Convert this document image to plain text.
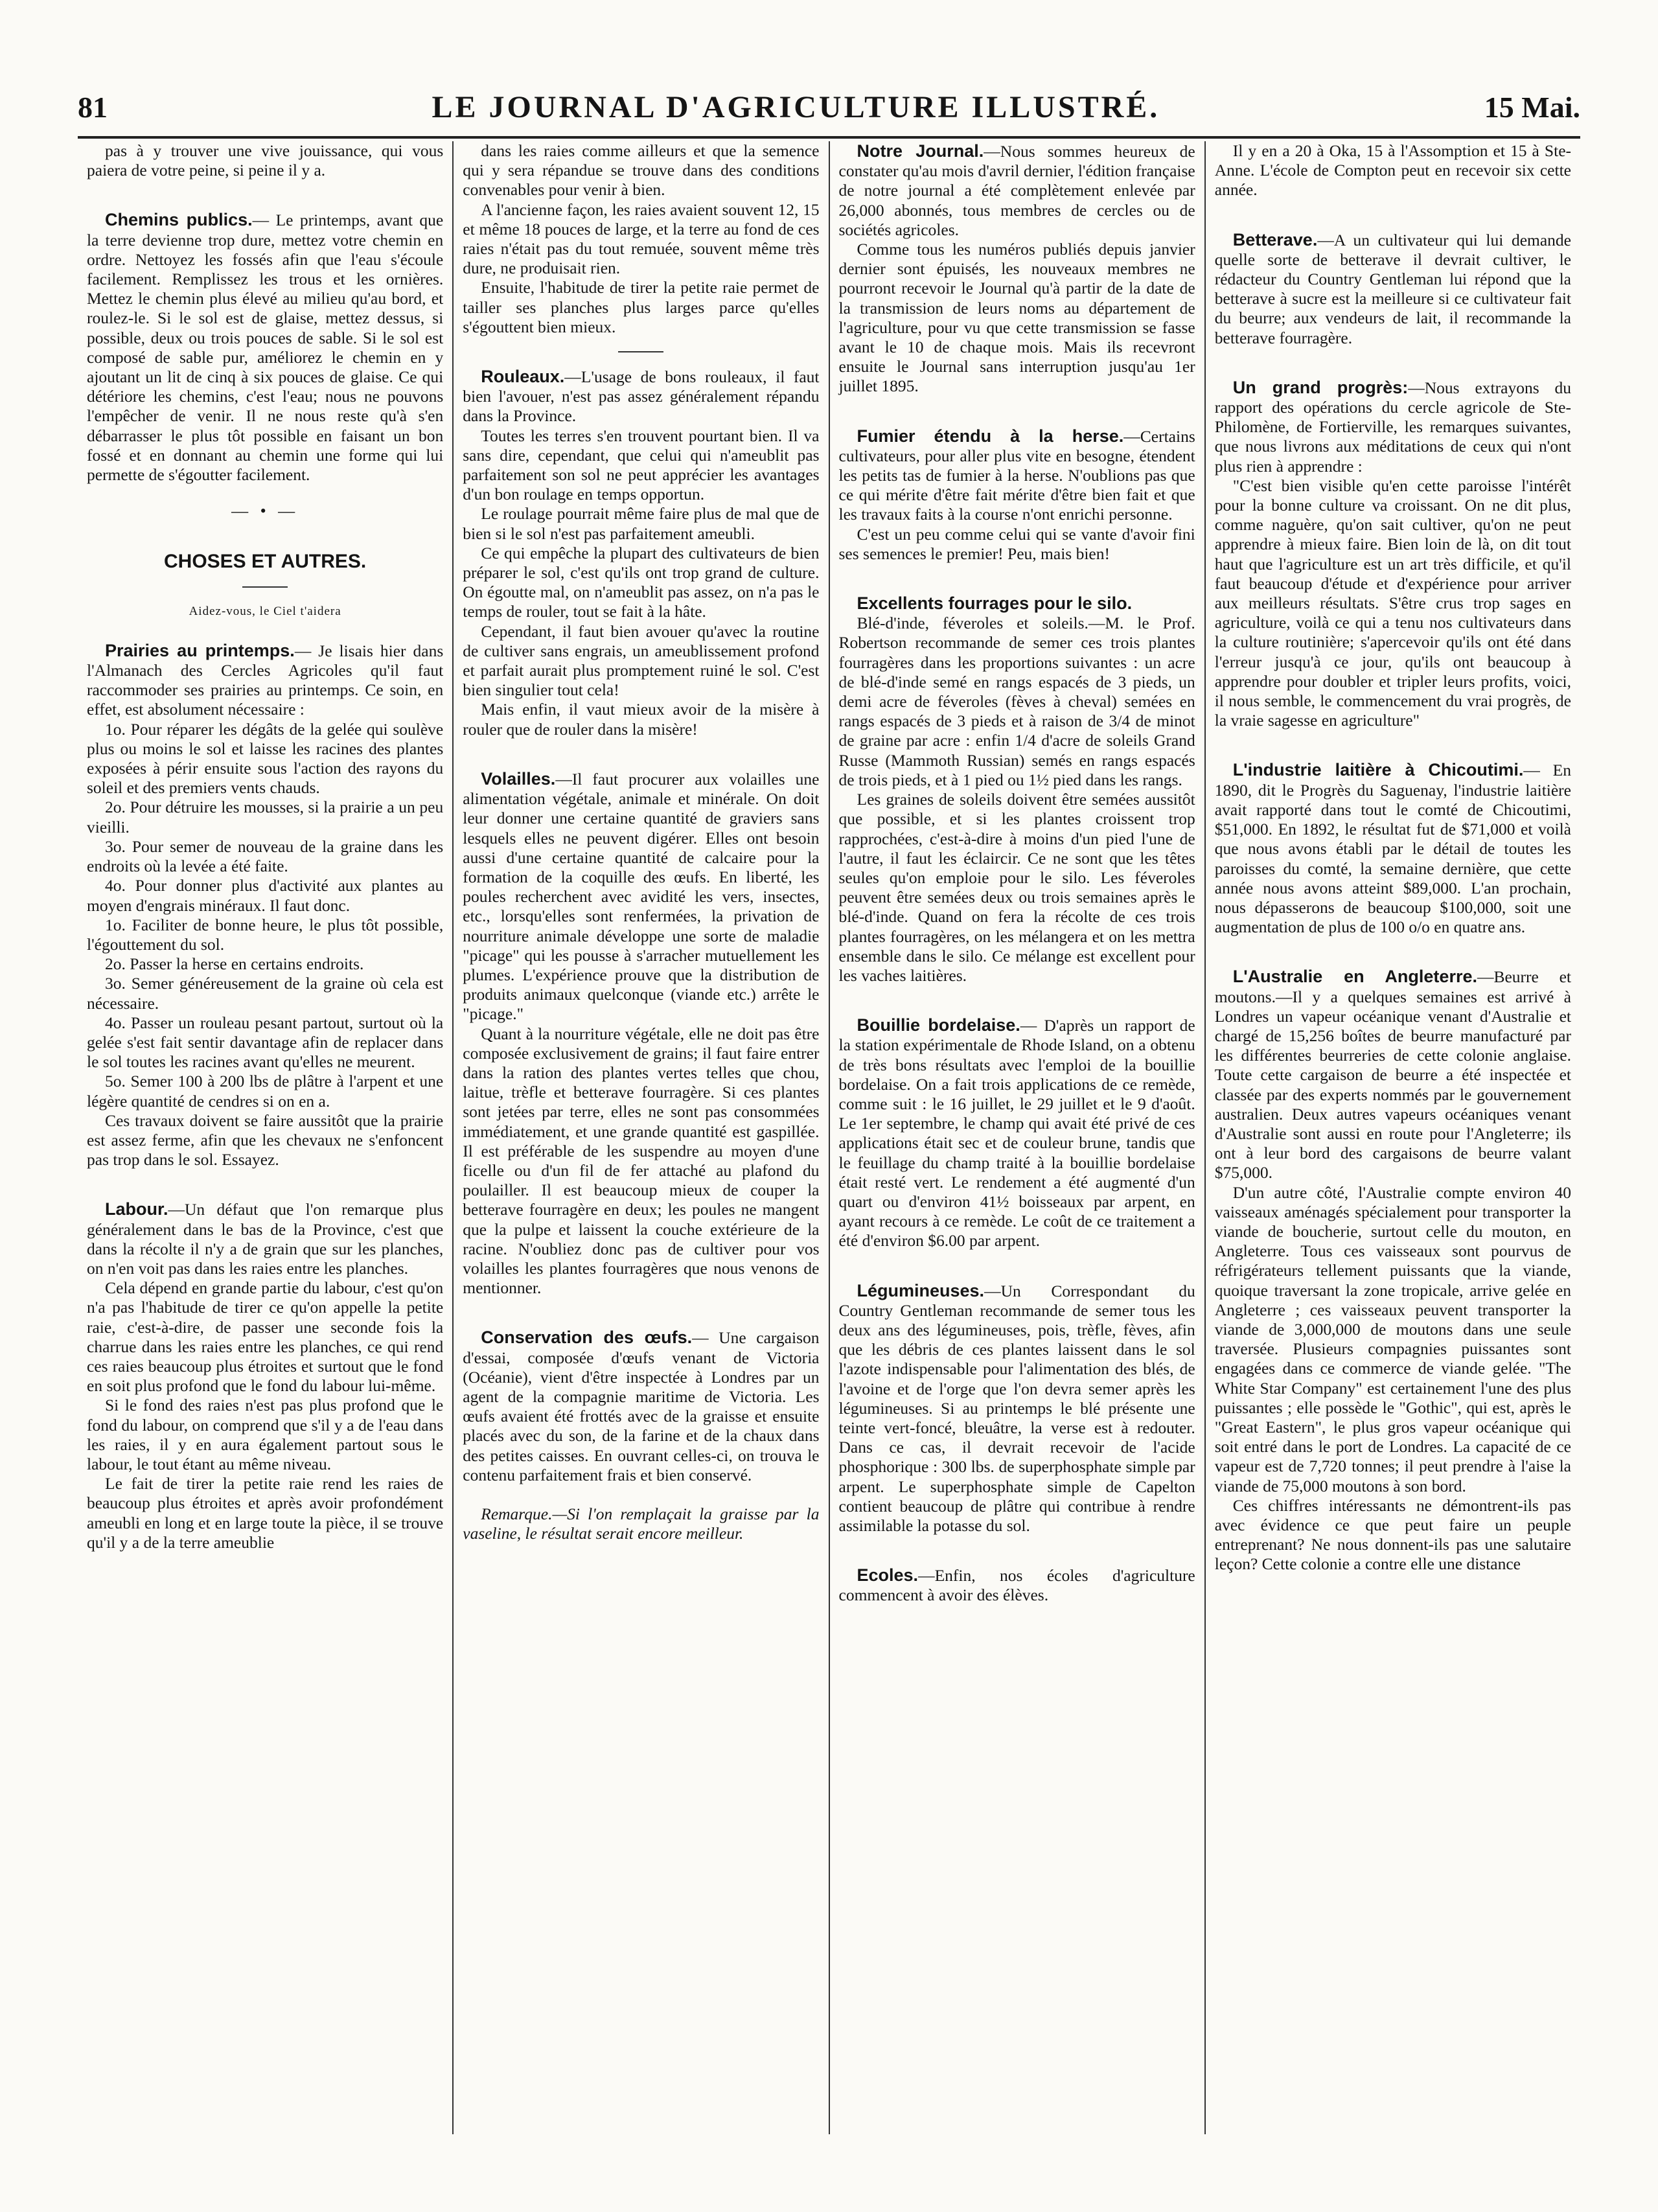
81	LE JOURNAL D'AGRICULTURE ILLUSTRÉ.	15 Mai.

pas à y trouver une vive jouissance, qui vous paiera de votre peine, si peine il y a.

Chemins publics.— Le printemps, avant que la terre devienne trop dure, mettez votre chemin en ordre. Nettoyez les fossés afin que l'eau s'écoule facilement. Remplissez les trous et les ornières. Mettez le chemin plus élevé au milieu qu'au bord, et roulez-le. Si le sol est de glaise, mettez dessus, si possible, deux ou trois pouces de sable. Si le sol est composé de sable pur, améliorez le chemin en y ajoutant un lit de cinq à six pouces de glaise. Ce qui détériore les chemins, c'est l'eau; nous ne pouvons l'empêcher de venir. Il ne nous reste qu'à s'en débarrasser le plus tôt possible en faisant un bon fossé et en donnant au chemin une forme qui lui permette de s'égoutter facilement.

— • —
CHOSES ET AUTRES.
Aidez-vous, le Ciel t'aidera

Prairies au printemps.— Je lisais hier dans l'Almanach des Cercles Agricoles qu'il faut raccommoder ses prairies au printemps. Ce soin, en effet, est absolument nécessaire :

1o. Pour réparer les dégâts de la gelée qui soulève plus ou moins le sol et laisse les racines des plantes exposées à périr ensuite sous l'action des rayons du soleil et des premiers vents chauds.

2o. Pour détruire les mousses, si la prairie a un peu vieilli.

3o. Pour semer de nouveau de la graine dans les endroits où la levée a été faite.

4o. Pour donner plus d'activité aux plantes au moyen d'engrais minéraux. Il faut donc.

1o. Faciliter de bonne heure, le plus tôt possible, l'égouttement du sol.

2o. Passer la herse en certains endroits.

3o. Semer généreusement de la graine où cela est nécessaire.

4o. Passer un rouleau pesant partout, surtout où la gelée s'est fait sentir davantage afin de replacer dans le sol toutes les racines avant qu'elles ne meurent.

5o. Semer 100 à 200 lbs de plâtre à l'arpent et une légère quantité de cendres si on en a.

Ces travaux doivent se faire aussitôt que la prairie est assez ferme, afin que les chevaux ne s'enfoncent pas trop dans le sol. Essayez.

Labour.—Un défaut que l'on remarque plus généralement dans le bas de la Province, c'est que dans la récolte il n'y a de grain que sur les planches, on n'en voit pas dans les raies entre les planches.

Cela dépend en grande partie du labour, c'est qu'on n'a pas l'habitude de tirer ce qu'on appelle la petite raie, c'est-à-dire, de passer une seconde fois la charrue dans les raies entre les planches, ce qui rend ces raies beaucoup plus étroites et surtout que le fond en soit plus profond que le fond du labour lui-même.

Si le fond des raies n'est pas plus profond que le fond du labour, on comprend que s'il y a de l'eau dans les raies, il y en aura également partout sous le labour, le tout étant au même niveau.

Le fait de tirer la petite raie rend les raies de beaucoup plus étroites et après avoir profondément ameubli en long et en large toute la pièce, il se trouve qu'il y a de la terre ameublie

dans les raies comme ailleurs et que la semence qui y sera répandue se trouve dans des conditions convenables pour venir à bien.

A l'ancienne façon, les raies avaient souvent 12, 15 et même 18 pouces de large, et la terre au fond de ces raies n'était pas du tout remuée, souvent même très dure, ne produisait rien.

Ensuite, l'habitude de tirer la petite raie permet de tailler ses planches plus larges parce qu'elles s'égouttent bien mieux.

Rouleaux.—L'usage de bons rouleaux, il faut bien l'avouer, n'est pas assez généralement répandu dans la Province.

Toutes les terres s'en trouvent pourtant bien. Il va sans dire, cependant, que celui qui n'ameublit pas parfaitement son sol ne peut apprécier les avantages d'un bon roulage en temps opportun.

Le roulage pourrait même faire plus de mal que de bien si le sol n'est pas parfaitement ameubli.

Ce qui empêche la plupart des cultivateurs de bien préparer le sol, c'est qu'ils ont trop grand de culture. On égoutte mal, on n'ameublit pas assez, on n'a pas le temps de rouler, tout se fait à la hâte.

Cependant, il faut bien avouer qu'avec la routine de cultiver sans engrais, un ameublissement profond et parfait aurait plus promptement ruiné le sol. C'est bien singulier tout cela!

Mais enfin, il vaut mieux avoir de la misère à rouler que de rouler dans la misère!

Volailles.—Il faut procurer aux volailles une alimentation végétale, animale et minérale. On doit leur donner une certaine quantité de graviers sans lesquels elles ne peuvent digérer. Elles ont besoin aussi d'une certaine quantité de calcaire pour la formation de la coquille des œufs. En liberté, les poules recherchent avec avidité les vers, insectes, etc., lorsqu'elles sont renfermées, la privation de nourriture animale développe une sorte de maladie "picage" qui les pousse à s'arracher mutuellement les plumes. L'expérience prouve que la distribution de produits animaux quelconque (viande etc.) arrête le "picage."

Quant à la nourriture végétale, elle ne doit pas être composée exclusivement de grains; il faut faire entrer dans la ration des plantes vertes telles que chou, laitue, trèfle et betterave fourragère. Si ces plantes sont jetées par terre, elles ne sont pas consommées immédiatement, et une grande quantité est gaspillée. Il est préférable de les suspendre au moyen d'une ficelle ou d'un fil de fer attaché au plafond du poulailler. Il est beaucoup mieux de couper la betterave fourragère en deux; les poules ne mangent que la pulpe et laissent la couche extérieure de la racine. N'oubliez donc pas de cultiver pour vos volailles les plantes fourragères que nous venons de mentionner.

Conservation des œufs.— Une cargaison d'essai, composée d'œufs venant de Victoria (Océanie), vient d'être inspectée à Londres par un agent de la compagnie maritime de Victoria. Les œufs avaient été frottés avec de la graisse et ensuite placés avec du son, de la farine et de la chaux dans des petites caisses. En ouvrant celles-ci, on trouva le contenu parfaitement frais et bien conservé.

Remarque.—Si l'on remplaçait la graisse par la vaseline, le résultat serait encore meilleur.

Notre Journal.—Nous sommes heureux de constater qu'au mois d'avril dernier, l'édition française de notre journal a été complètement enlevée par 26,000 abonnés, tous membres de cercles ou de sociétés agricoles.

Comme tous les numéros publiés depuis janvier dernier sont épuisés, les nouveaux membres ne pourront recevoir le Journal qu'à partir de la date de la transmission de leurs noms au département de l'agriculture, pour vu que cette transmission se fasse avant le 10 de chaque mois. Mais ils recevront ensuite le Journal sans interruption jusqu'au 1er juillet 1895.

Fumier étendu à la herse.—Certains cultivateurs, pour aller plus vite en besogne, étendent les petits tas de fumier à la herse. N'oublions pas que ce qui mérite d'être fait mérite d'être bien fait et que les travaux faits à la course n'ont enrichi personne.

C'est un peu comme celui qui se vante d'avoir fini ses semences le premier! Peu, mais bien!

Excellents fourrages pour le silo.

Blé-d'inde, féveroles et soleils.—M. le Prof. Robertson recommande de semer ces trois plantes fourragères dans les proportions suivantes : un acre de blé-d'inde semé en rangs espacés de 3 pieds, un demi acre de féveroles (fèves à cheval) semées en rangs espacés de 3 pieds et à raison de 3/4 de minot de graine par acre : enfin 1/4 d'acre de soleils Grand Russe (Mammoth Russian) semés en rangs espacés de trois pieds, et à 1 pied ou 1½ pied dans les rangs.

Les graines de soleils doivent être semées aussitôt que possible, et si les plantes croissent trop rapprochées, c'est-à-dire à moins d'un pied l'une de l'autre, il faut les éclaircir. Ce ne sont que les têtes seules qu'on emploie pour le silo. Les féveroles peuvent être semées deux ou trois semaines après le blé-d'inde. Quand on fera la récolte de ces trois plantes fourragères, on les mélangera et on les mettra ensemble dans le silo. Ce mélange est excellent pour les vaches laitières.

Bouillie bordelaise.— D'après un rapport de la station expérimentale de Rhode Island, on a obtenu de très bons résultats avec l'emploi de la bouillie bordelaise. On a fait trois applications de ce remède, comme suit : le 16 juillet, le 29 juillet et le 9 d'août. Le 1er septembre, le champ qui avait été privé de ces applications était sec et de couleur brune, tandis que le feuillage du champ traité à la bouillie bordelaise était resté vert. Le rendement a été augmenté d'un quart ou d'environ 41½ boisseaux par arpent, en ayant recours à ce remède. Le coût de ce traitement a été d'environ $6.00 par arpent.

Légumineuses.—Un Correspondant du Country Gentleman recommande de semer tous les deux ans des légumineuses, pois, trèfle, fèves, afin que les débris de ces plantes laissent dans le sol l'azote indispensable pour l'alimentation des blés, de l'avoine et de l'orge que l'on devra semer après les légumineuses. Si au printemps le blé présente une teinte vert-foncé, bleuâtre, la verse est à redouter. Dans ce cas, il devrait recevoir de l'acide phosphorique : 300 lbs. de superphosphate simple par arpent. Le superphosphate simple de Capelton contient beaucoup de plâtre qui contribue à rendre assimilable la potasse du sol.

Ecoles.—Enfin, nos écoles d'agriculture commencent à avoir des élèves.

Il y en a 20 à Oka, 15 à l'Assomption et 15 à Ste-Anne. L'école de Compton peut en recevoir six cette année.

Betterave.—A un cultivateur qui lui demande quelle sorte de betterave il devrait cultiver, le rédacteur du Country Gentleman lui répond que la betterave à sucre est la meilleure si ce cultivateur fait du beurre; aux vendeurs de lait, il recommande la betterave fourragère.

Un grand progrès:—Nous extrayons du rapport des opérations du cercle agricole de Ste-Philomène, de Fortierville, les remarques suivantes, que nous livrons aux méditations de ceux qui n'ont plus rien à apprendre :

"C'est bien visible qu'en cette paroisse l'intérêt pour la bonne culture va croissant. On ne dit plus, comme naguère, qu'on sait cultiver, qu'on ne peut apprendre à mieux faire. Bien loin de là, on dit tout haut que l'agriculture est un art très difficile, et qu'il faut beaucoup d'étude et d'expérience pour arriver aux meilleurs résultats. S'être crus trop sages en agriculture, voilà ce qui a tenu nos cultivateurs dans la culture routinière; s'apercevoir qu'ils ont été dans l'erreur jusqu'à ce jour, qu'ils ont beaucoup à apprendre pour doubler et tripler leurs profits, voici, il nous semble, le commencement du vrai progrès, de la vraie sagesse en agriculture"

L'industrie laitière à Chicoutimi.— En 1890, dit le Progrès du Saguenay, l'industrie laitière avait rapporté dans tout le comté de Chicoutimi, $51,000. En 1892, le résultat fut de $71,000 et voilà que nous avons établi par le détail de toutes les paroisses du comté, la semaine dernière, que cette année nous avons atteint $89,000. L'an prochain, nous dépasserons de beaucoup $100,000, soit une augmentation de plus de 100 o/o en quatre ans.

L'Australie en Angleterre.—Beurre et moutons.—Il y a quelques semaines est arrivé à Londres un vapeur océanique venant d'Australie et chargé de 15,256 boîtes de beurre manufacturé par les différentes beurreries de cette colonie anglaise. Toute cette cargaison de beurre a été inspectée et classée par des experts nommés par le gouvernement australien. Deux autres vapeurs océaniques venant d'Australie sont aussi en route pour l'Angleterre; ils ont à leur bord des cargaisons de beurre valant $75,000.

D'un autre côté, l'Australie compte environ 40 vaisseaux aménagés spécialement pour transporter la viande de boucherie, surtout celle du mouton, en Angleterre. Tous ces vaisseaux sont pourvus de réfrigérateurs tellement puissants que la viande, quoique traversant la zone tropicale, arrive gelée en Angleterre ; ces vaisseaux peuvent transporter la viande de 3,000,000 de moutons dans une seule traversée. Plusieurs compagnies puissantes sont engagées dans ce commerce de viande gelée. "The White Star Company" est certainement l'une des plus puissantes ; elle possède le "Gothic", qui est, après le "Great Eastern", le plus gros vapeur océanique qui soit entré dans le port de Londres. La capacité de ce vapeur est de 7,720 tonnes; il peut prendre à l'aise la viande de 75,000 moutons à son bord.

Ces chiffres intéressants ne démontrent-ils pas avec évidence ce que peut faire un peuple entreprenant? Ne nous donnent-ils pas une salutaire leçon? Cette colonie a contre elle une distance
